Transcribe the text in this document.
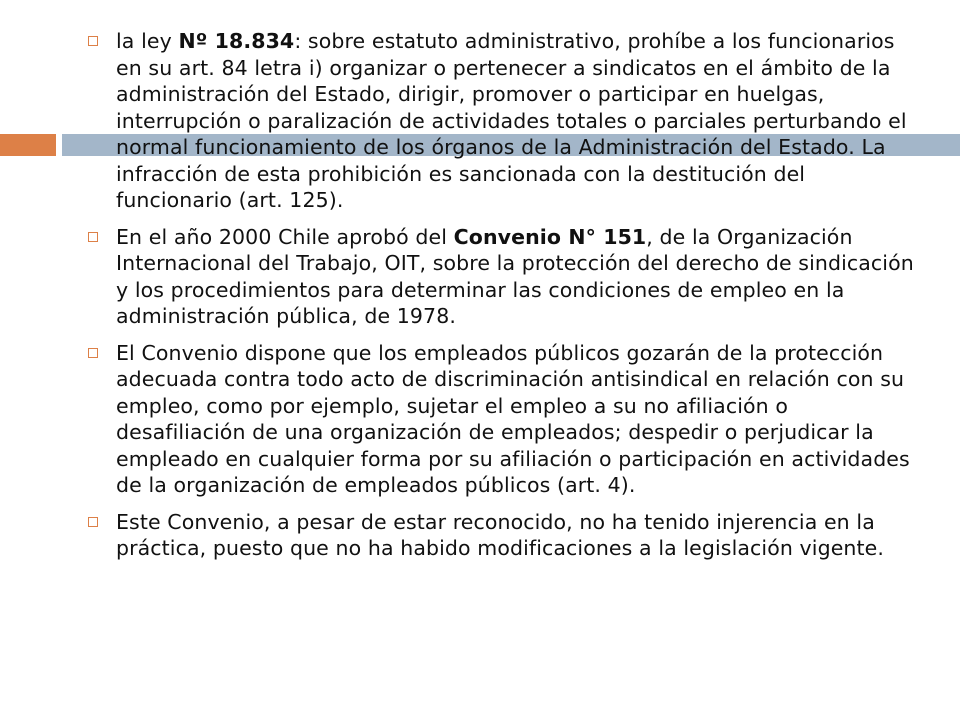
la ley Nº 18.834: sobre estatuto administrativo, prohíbe a los funcionarios en su art. 84 letra i) organizar o pertenecer a sindicatos en el ámbito de la administración del Estado, dirigir, promover o participar en huelgas, interrupción o paralización de actividades totales o parciales perturbando el normal funcionamiento de los órganos de la Administración del Estado. La infracción de esta prohibición es sancionada con la destitución del funcionario (art. 125).
En el año 2000 Chile aprobó del Convenio N° 151, de la Organización Internacional del Trabajo, OIT, sobre la protección del derecho de sindicación y los procedimientos para determinar las condiciones de empleo en la administración pública, de 1978.
El Convenio dispone que los empleados públicos gozarán de la protección adecuada contra todo acto de discriminación antisindical en relación con su empleo, como por ejemplo, sujetar el empleo a su no afiliación o desafiliación de una organización de empleados; despedir o perjudicar la empleado en cualquier forma por su afiliación o participación en actividades de la organización de empleados públicos (art. 4).
Este Convenio, a pesar de estar reconocido, no ha tenido injerencia en la práctica, puesto que no ha habido modificaciones a la legislación vigente.
